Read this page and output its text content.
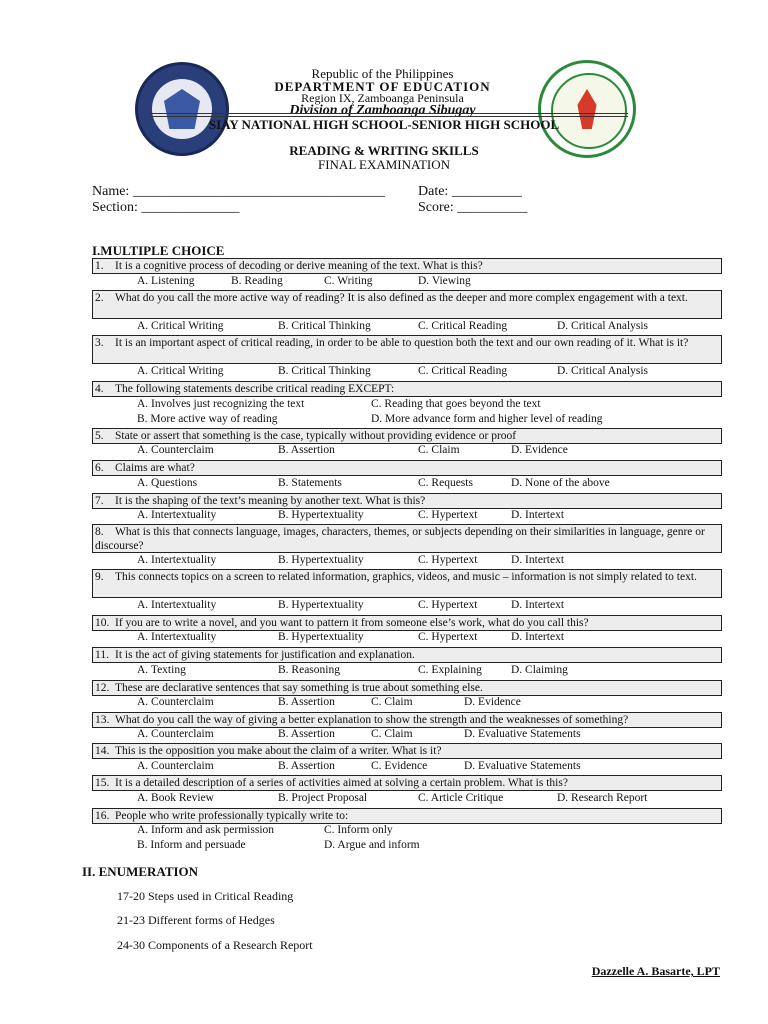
Republic of the Philippines
DEPARTMENT OF EDUCATION
Region IX, Zamboanga Peninsula
Division of Zamboanga Sibugay
SIAY NATIONAL HIGH SCHOOL-SENIOR HIGH SCHOOL
READING & WRITING SKILLS
FINAL EXAMINATION
Name: ____________________________________ Date: __________
Section: ______________	Score: __________
I.MULTIPLE CHOICE
1. It is a cognitive process of decoding or derive meaning of the text. What is this?
A. Listening	B. Reading	C. Writing	D. Viewing
2. What do you call the more active way of reading? It is also defined as the deeper and more complex engagement with a text.
A. Critical Writing	B. Critical Thinking	C. Critical Reading	D. Critical Analysis
3. It is an important aspect of critical reading, in order to be able to question both the text and our own reading of it. What is it?
A. Critical Writing	B. Critical Thinking	C. Critical Reading	D. Critical Analysis
4. The following statements describe critical reading EXCEPT:
A. Involves just recognizing the text	C. Reading that goes beyond the text
B. More active way of reading	D. More advance form and higher level of reading
5. State or assert that something is the case, typically without providing evidence or proof
A. Counterclaim	B. Assertion	C. Claim	D. Evidence
6. Claims are what?
A. Questions	B. Statements	C. Requests	D. None of the above
7. It is the shaping of the text’s meaning by another text. What is this?
A. Intertextuality	B. Hypertextuality	C. Hypertext	D. Intertext
8. What is this that connects language, images, characters, themes, or subjects depending on their similarities in language, genre or discourse?
A. Intertextuality	B. Hypertextuality	C. Hypertext	D. Intertext
9. This connects topics on a screen to related information, graphics, videos, and music – information is not simply related to text.
A. Intertextuality	B. Hypertextuality	C. Hypertext	D. Intertext
10. If you are to write a novel, and you want to pattern it from someone else’s work, what do you call this?
A. Intertextuality	B. Hypertextuality	C. Hypertext	D. Intertext
11. It is the act of giving statements for justification and explanation.
A. Texting	B. Reasoning	C. Explaining	D. Claiming
12. These are declarative sentences that say something is true about something else.
A. Counterclaim	B. Assertion	C. Claim	D. Evidence
13. What do you call the way of giving a better explanation to show the strength and the weaknesses of something?
A. Counterclaim	B. Assertion	C. Claim	D. Evaluative Statements
14. This is the opposition you make about the claim of a writer. What is it?
A. Counterclaim	B. Assertion	C. Evidence	D. Evaluative Statements
15. It is a detailed description of a series of activities aimed at solving a certain problem. What is this?
A. Book Review	B. Project Proposal	C. Article Critique	D. Research Report
16. People who write professionally typically write to:
A. Inform and ask permission	C. Inform only
B. Inform and persuade	D. Argue and inform
II. ENUMERATION
17-20 Steps used in Critical Reading
21-23 Different forms of Hedges
24-30 Components of a Research Report
Dazzelle A. Basarte, LPT
